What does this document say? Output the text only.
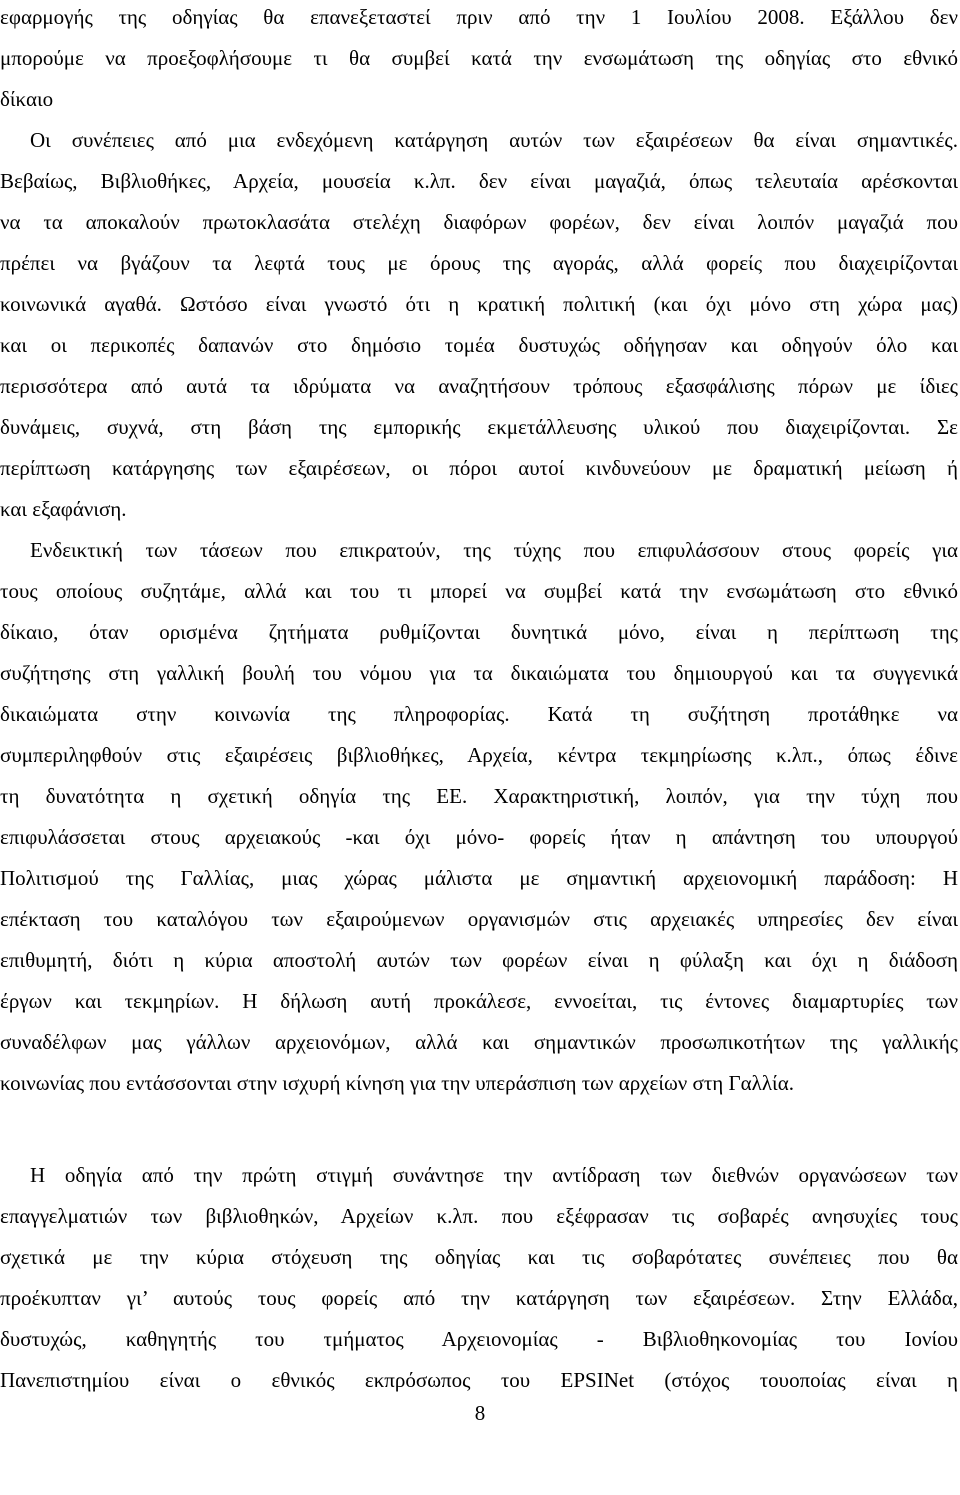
εφαρμογής της οδηγίας θα επανεξεταστεί πριν από την 1 Ιουλίου 2008. Εξάλλου δεν
μπορούμε να προεξοφλήσουμε τι θα συμβεί κατά την ενσωμάτωση της οδηγίας στο εθνικό
δίκαιο
Οι συνέπειες από μια ενδεχόμενη κατάργηση αυτών των εξαιρέσεων θα είναι σημαντικές.
Βεβαίως, Βιβλιοθήκες, Αρχεία, μουσεία κ.λπ. δεν είναι μαγαζιά, όπως τελευταία αρέσκονται
να τα αποκαλούν πρωτοκλασάτα στελέχη διαφόρων φορέων, δεν είναι λοιπόν μαγαζιά που
πρέπει να βγάζουν τα λεφτά τους με όρους της αγοράς, αλλά φορείς που διαχειρίζονται
κοινωνικά αγαθά. Ωστόσο είναι γνωστό ότι η κρατική πολιτική (και όχι μόνο στη χώρα μας)
και οι περικοπές δαπανών στο δημόσιο τομέα δυστυχώς οδήγησαν και οδηγούν όλο και
περισσότερα από αυτά τα ιδρύματα να αναζητήσουν τρόπους εξασφάλισης πόρων με ίδιες
δυνάμεις, συχνά, στη βάση της εμπορικής εκμετάλλευσης υλικού που διαχειρίζονται. Σε
περίπτωση κατάργησης των εξαιρέσεων, οι πόροι αυτοί κινδυνεύουν με δραματική μείωση ή
και εξαφάνιση.
Ενδεικτική των τάσεων που επικρατούν, της τύχης που επιφυλάσσουν στους φορείς για
τους οποίους συζητάμε, αλλά και του τι μπορεί να συμβεί κατά την ενσωμάτωση στο εθνικό
δίκαιο, όταν ορισμένα ζητήματα ρυθμίζονται δυνητικά μόνο, είναι η περίπτωση της
συζήτησης στη γαλλική βουλή του νόμου για τα δικαιώματα του δημιουργού και τα συγγενικά
δικαιώματα στην κοινωνία της πληροφορίας. Κατά τη συζήτηση προτάθηκε να
συμπεριληφθούν στις εξαιρέσεις βιβλιοθήκες, Αρχεία, κέντρα τεκμηρίωσης κ.λπ., όπως έδινε
τη δυνατότητα η σχετική οδηγία της ΕΕ. Χαρακτηριστική, λοιπόν, για την τύχη που
επιφυλάσσεται στους αρχειακούς -και όχι μόνο- φορείς ήταν η απάντηση του υπουργού
Πολιτισμού της Γαλλίας, μιας χώρας μάλιστα με σημαντική αρχειονομική παράδοση: Η
επέκταση του καταλόγου των εξαιρούμενων οργανισμών στις αρχειακές υπηρεσίες δεν είναι
επιθυμητή, διότι η κύρια αποστολή αυτών των φορέων είναι η φύλαξη και όχι η διάδοση
έργων και τεκμηρίων. Η δήλωση αυτή προκάλεσε, εννοείται, τις έντονες διαμαρτυρίες των
συναδέλφων μας γάλλων αρχειονόμων, αλλά και σημαντικών προσωπικοτήτων της γαλλικής
κοινωνίας που εντάσσονται στην ισχυρή κίνηση για την υπεράσπιση των αρχείων στη Γαλλία.
Η οδηγία από την πρώτη στιγμή συνάντησε την αντίδραση των διεθνών οργανώσεων των
επαγγελματιών των βιβλιοθηκών, Αρχείων κ.λπ. που εξέφρασαν τις σοβαρές ανησυχίες τους
σχετικά με την κύρια στόχευση της οδηγίας και τις σοβαρότατες συνέπειες που θα
προέκυπταν γι’ αυτούς τους φορείς από την κατάργηση των εξαιρέσεων. Στην Ελλάδα,
δυστυχώς, καθηγητής του τμήματος Αρχειονομίας - Βιβλιοθηκονομίας του Ιονίου
Πανεπιστημίου είναι ο εθνικός εκπρόσωπος του EPSINet (στόχος τουοποίας είναι η
8
